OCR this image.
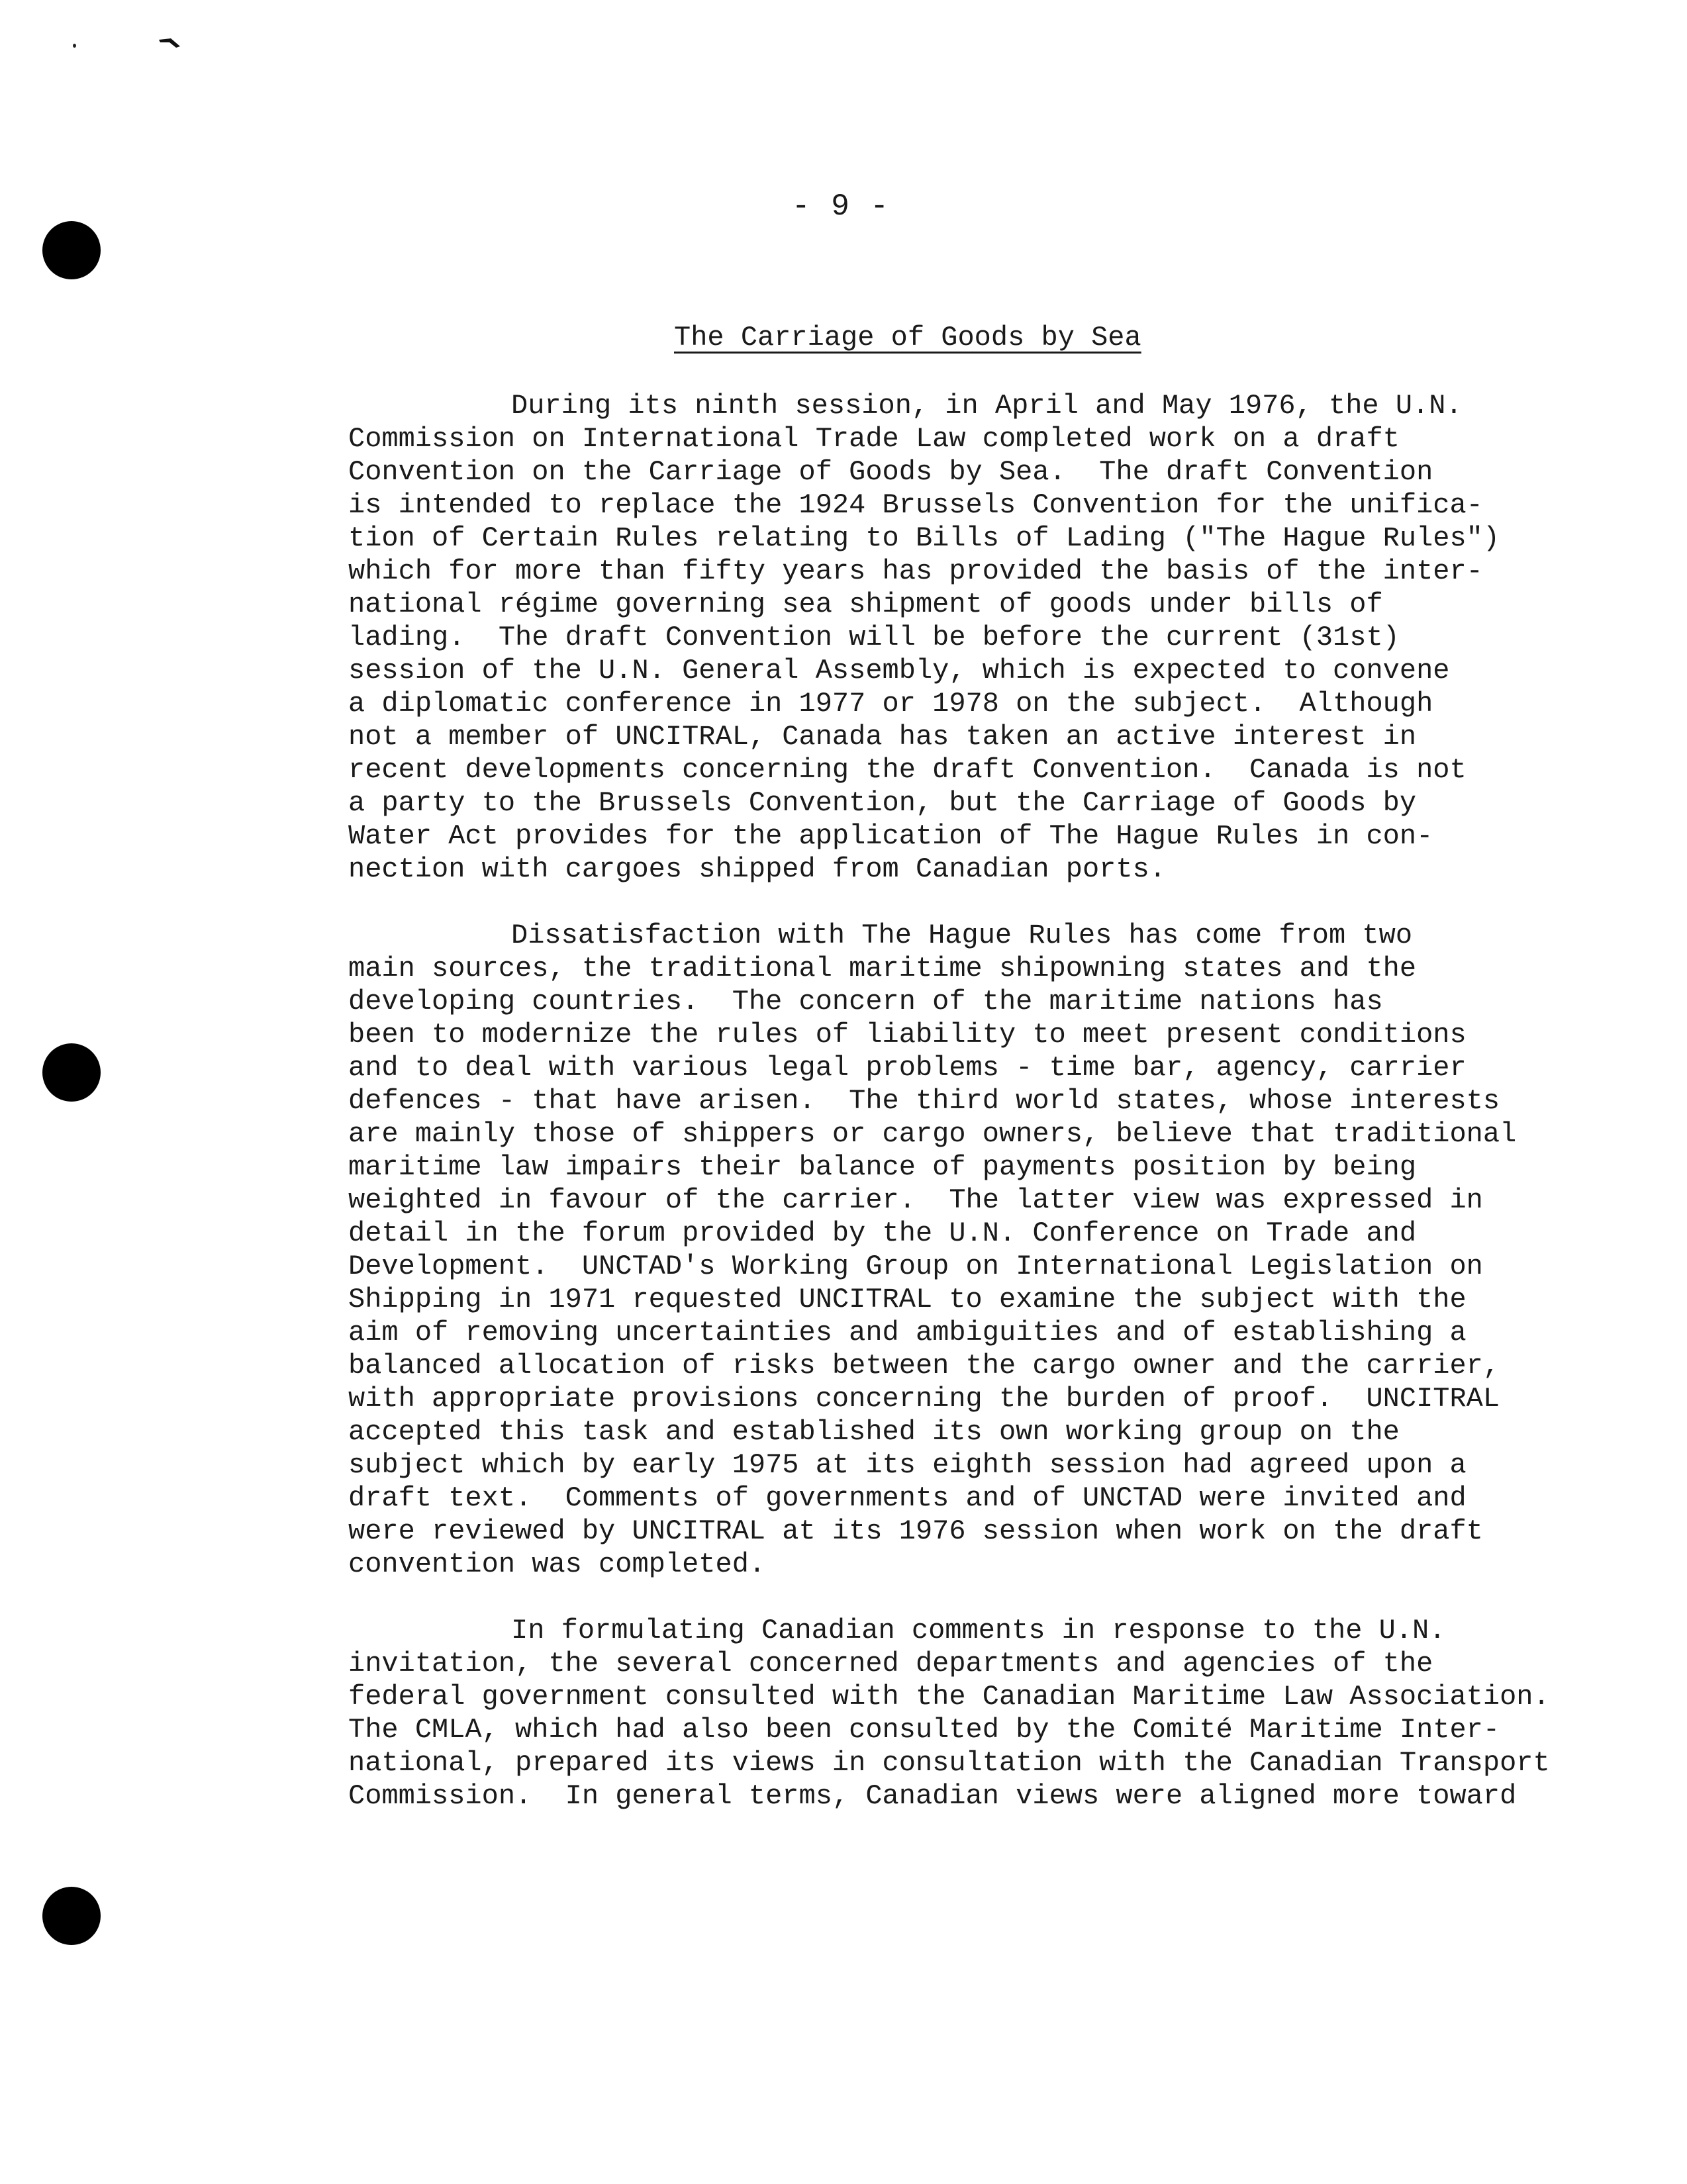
- 9 -
The Carriage of Goods by Sea
During its ninth session, in April and May 1976, the U.N.
Commission on International Trade Law completed work on a draft
Convention on the Carriage of Goods by Sea.  The draft Convention
is intended to replace the 1924 Brussels Convention for the unifica-
tion of Certain Rules relating to Bills of Lading ("The Hague Rules")
which for more than fifty years has provided the basis of the inter-
national régime governing sea shipment of goods under bills of
lading.  The draft Convention will be before the current (31st)
session of the U.N. General Assembly, which is expected to convene
a diplomatic conference in 1977 or 1978 on the subject.  Although
not a member of UNCITRAL, Canada has taken an active interest in
recent developments concerning the draft Convention.  Canada is not
a party to the Brussels Convention, but the Carriage of Goods by
Water Act provides for the application of The Hague Rules in con-
nection with cargoes shipped from Canadian ports.
Dissatisfaction with The Hague Rules has come from two
main sources, the traditional maritime shipowning states and the
developing countries.  The concern of the maritime nations has
been to modernize the rules of liability to meet present conditions
and to deal with various legal problems - time bar, agency, carrier
defences - that have arisen.  The third world states, whose interests
are mainly those of shippers or cargo owners, believe that traditional
maritime law impairs their balance of payments position by being
weighted in favour of the carrier.  The latter view was expressed in
detail in the forum provided by the U.N. Conference on Trade and
Development.  UNCTAD's Working Group on International Legislation on
Shipping in 1971 requested UNCITRAL to examine the subject with the
aim of removing uncertainties and ambiguities and of establishing a
balanced allocation of risks between the cargo owner and the carrier,
with appropriate provisions concerning the burden of proof.  UNCITRAL
accepted this task and established its own working group on the
subject which by early 1975 at its eighth session had agreed upon a
draft text.  Comments of governments and of UNCTAD were invited and
were reviewed by UNCITRAL at its 1976 session when work on the draft
convention was completed.
In formulating Canadian comments in response to the U.N.
invitation, the several concerned departments and agencies of the
federal government consulted with the Canadian Maritime Law Association.
The CMLA, which had also been consulted by the Comité Maritime Inter-
national, prepared its views in consultation with the Canadian Transport
Commission.  In general terms, Canadian views were aligned more toward
